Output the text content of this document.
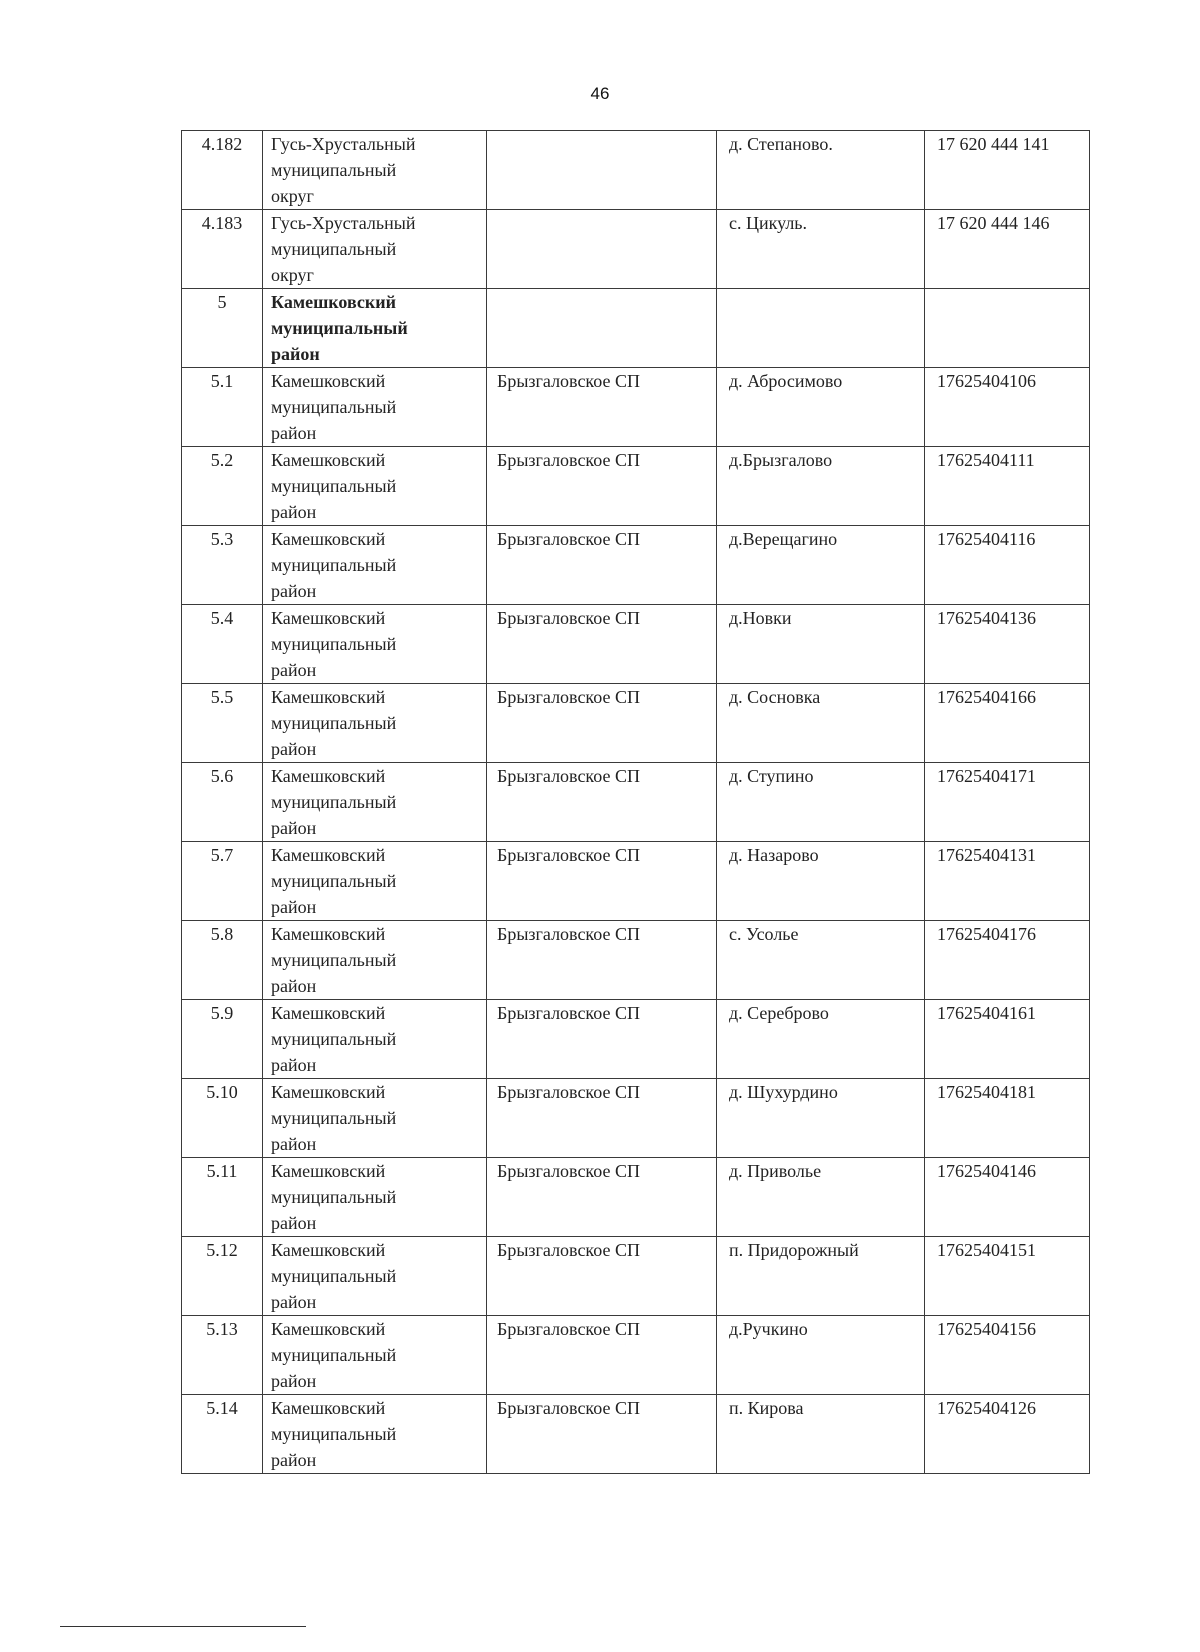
46
4.182	Гусь-Хрустальный муниципальный округ		д. Степаново.	17 620 444 141

4.183	Гусь-Хрустальный муниципальный округ		с. Цикуль.	17 620 444 146

5	Камешковский муниципальный район			

5.1	Камешковский муниципальный район	Брызгаловское СП	д. Абросимово	17625404106

5.2	Камешковский муниципальный район	Брызгаловское СП	д.Брызгалово	17625404111

5.3	Камешковский муниципальный район	Брызгаловское СП	д.Верещагино	17625404116

5.4	Камешковский муниципальный район	Брызгаловское СП	д.Новки	17625404136

5.5	Камешковский муниципальный район	Брызгаловское СП	д. Сосновка	17625404166

5.6	Камешковский муниципальный район	Брызгаловское СП	д. Ступино	17625404171

5.7	Камешковский муниципальный район	Брызгаловское СП	д. Назарово	17625404131

5.8	Камешковский муниципальный район	Брызгаловское СП	с. Усолье	17625404176

5.9	Камешковский муниципальный район	Брызгаловское СП	д. Серeброво	17625404161

5.10	Камешковский муниципальный район	Брызгаловское СП	д. Шухурдино	17625404181

5.11	Камешковский муниципальный район	Брызгаловское СП	д. Приволье	17625404146

5.12	Камешковский муниципальный район	Брызгаловское СП	п. Придорожный	17625404151

5.13	Камешковский муниципальный район	Брызгаловское СП	д.Ручкино	17625404156

5.14	Камешковский муниципальный район	Брызгаловское СП	п. Кирова	17625404126
